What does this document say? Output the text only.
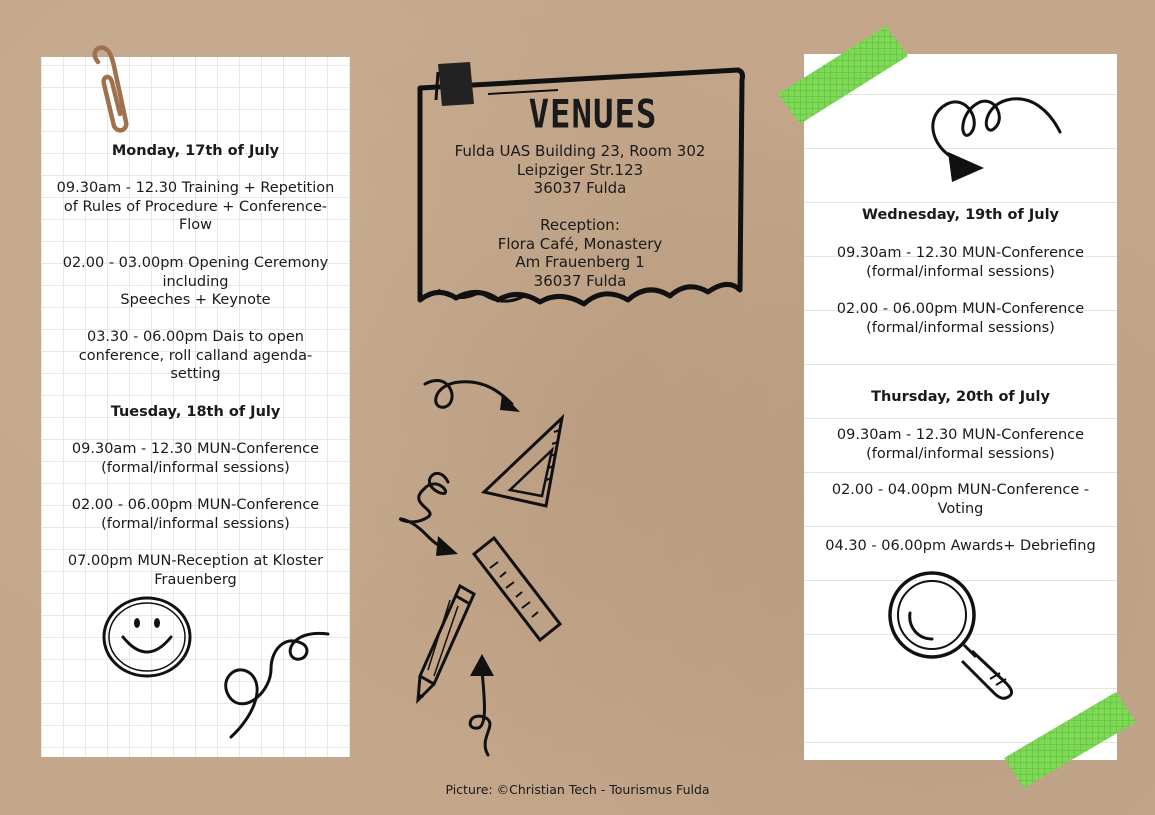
Monday, 17th of July
09.30am - 12.30 Training + Repetition
of Rules of Procedure + Conference-
Flow
02.00 - 03.00pm Opening Ceremony
including
Speeches + Keynote
03.30 - 06.00pm Dais to open
conference, roll calland agenda-
setting
Tuesday, 18th of July
09.30am - 12.30 MUN-Conference
(formal/informal sessions)
02.00 - 06.00pm MUN-Conference
(formal/informal sessions)
07.00pm MUN-Reception at Kloster
Frauenberg
VENUES
Fulda UAS Building 23, Room 302
Leipziger Str.123
36037 Fulda
Reception:
Flora Café, Monastery
Am Frauenberg 1
36037 Fulda
Wednesday, 19th of July
09.30am - 12.30 MUN-Conference
(formal/informal sessions)
02.00 - 06.00pm MUN-Conference
(formal/informal sessions)
Thursday, 20th of July
09.30am - 12.30 MUN-Conference
(formal/informal sessions)
02.00 - 04.00pm MUN-Conference -
Voting
04.30 - 06.00pm Awards+ Debriefing
Picture: ©Christian Tech - Tourismus Fulda
